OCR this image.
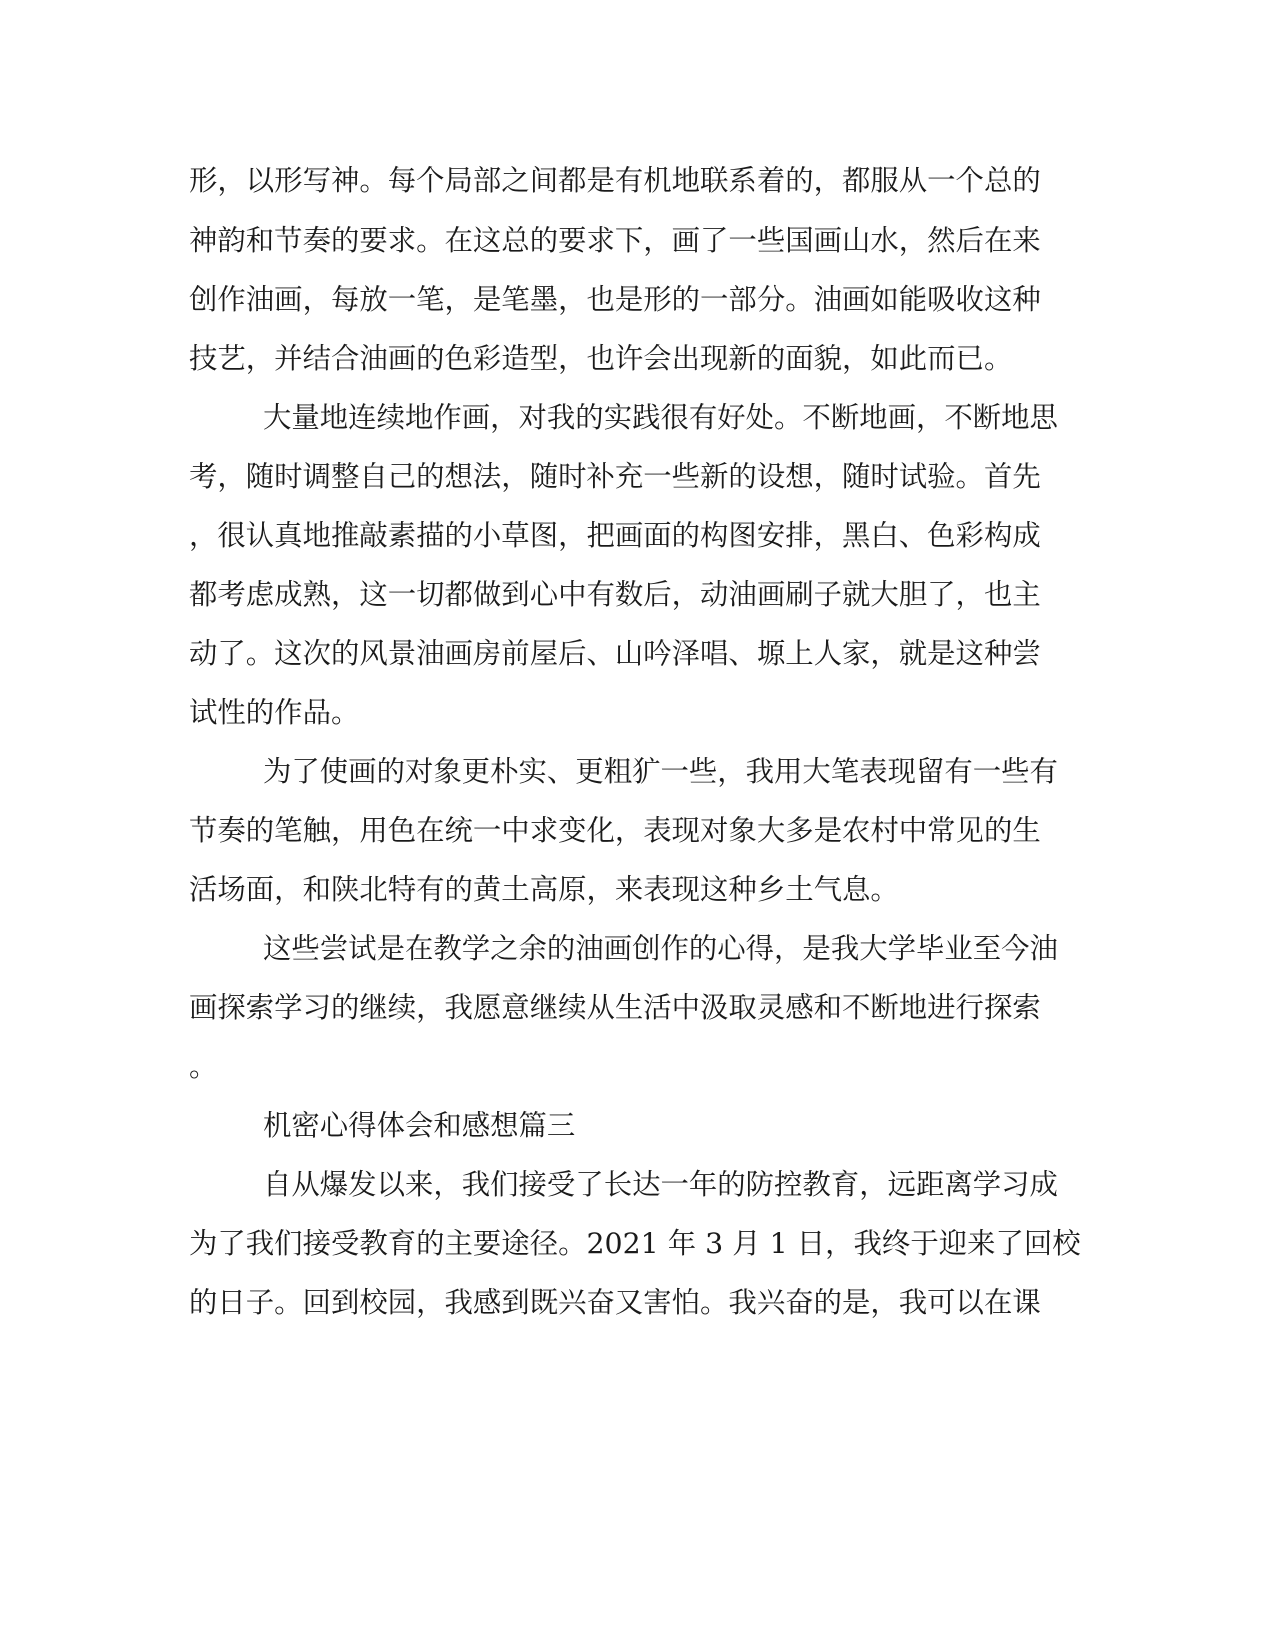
形，以形写神。每个局部之间都是有机地联系着的，都服从一个总的
神韵和节奏的要求。在这总的要求下，画了一些国画山水，然后在来
创作油画，每放一笔，是笔墨，也是形的一部分。油画如能吸收这种
技艺，并结合油画的色彩造型，也许会出现新的面貌，如此而已。
大量地连续地作画，对我的实践很有好处。不断地画，不断地思
考，随时调整自己的想法，随时补充一些新的设想，随时试验。首先
，很认真地推敲素描的小草图，把画面的构图安排，黑白、色彩构成
都考虑成熟，这一切都做到心中有数后，动油画刷子就大胆了，也主
动了。这次的风景油画房前屋后、山吟泽唱、塬上人家，就是这种尝
试性的作品。
为了使画的对象更朴实、更粗犷一些，我用大笔表现留有一些有
节奏的笔触，用色在统一中求变化，表现对象大多是农村中常见的生
活场面，和陕北特有的黄土高原，来表现这种乡土气息。
这些尝试是在教学之余的油画创作的心得，是我大学毕业至今油
画探索学习的继续，我愿意继续从生活中汲取灵感和不断地进行探索
。
机密心得体会和感想篇三
自从爆发以来，我们接受了长达一年的防控教育，远距离学习成
为了我们接受教育的主要途径。2021 年 3 月 1 日，我终于迎来了回校
的日子。回到校园，我感到既兴奋又害怕。我兴奋的是，我可以在课
